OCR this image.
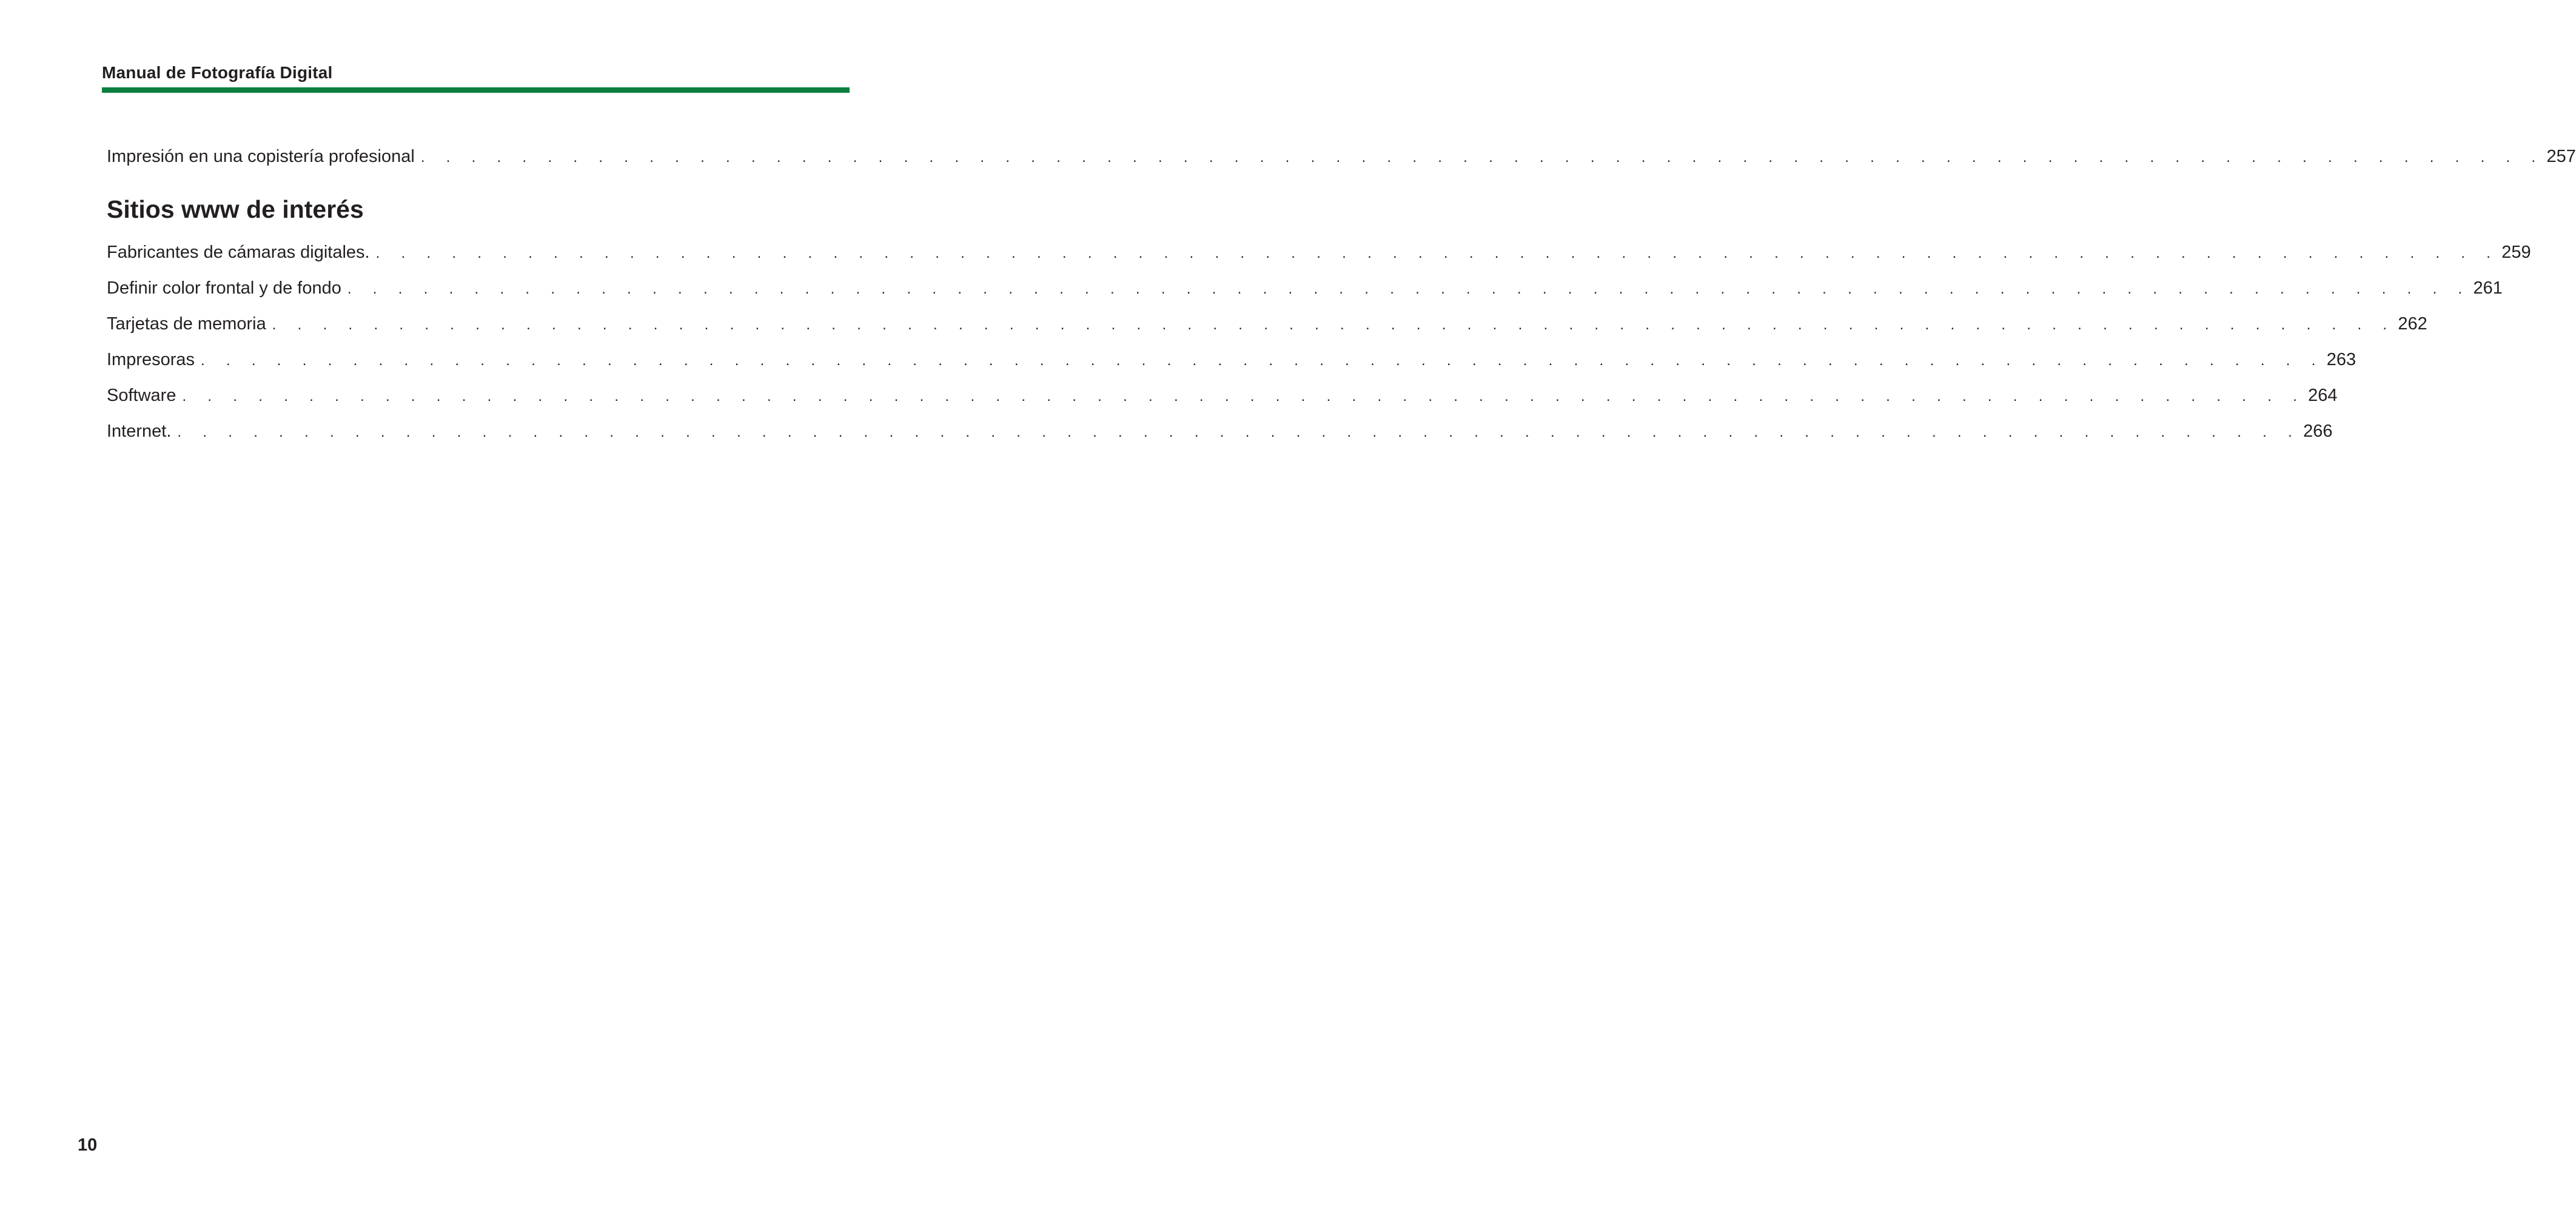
Manual de Fotografía Digital
Impresión en una copistería profesional . . . . . . . . . . . . . . . . . . . . . . . . . . . . . . . . . . . . . . . . . . . . . . . . . . . . . . . . . . . . . . . . . . . . . . . . . . . . . . . . . . . . 257
Sitios www de interés
Fabricantes de cámaras digitales. . . . . . . . . . . . . . . . . . . . . . . . . . . . . . . . . . . . . . . . . . . . . . . . . . . . . . . . . . . . . . . . . . . . . . . . . . . . . . . . . . . . . 259
Definir color frontal y de fondo . . . . . . . . . . . . . . . . . . . . . . . . . . . . . . . . . . . . . . . . . . . . . . . . . . . . . . . . . . . . . . . . . . . . . . . . . . . . . . . . . . . . 261
Tarjetas de memoria . . . . . . . . . . . . . . . . . . . . . . . . . . . . . . . . . . . . . . . . . . . . . . . . . . . . . . . . . . . . . . . . . . . . . . . . . . . . . . . . . . . . 262
Impresoras . . . . . . . . . . . . . . . . . . . . . . . . . . . . . . . . . . . . . . . . . . . . . . . . . . . . . . . . . . . . . . . . . . . . . . . . . . . . . . . . . . . . 263
Software . . . . . . . . . . . . . . . . . . . . . . . . . . . . . . . . . . . . . . . . . . . . . . . . . . . . . . . . . . . . . . . . . . . . . . . . . . . . . . . . . . . . 264
Internet. . . . . . . . . . . . . . . . . . . . . . . . . . . . . . . . . . . . . . . . . . . . . . . . . . . . . . . . . . . . . . . . . . . . . . . . . . . . . . . . . . . . . 266
10
